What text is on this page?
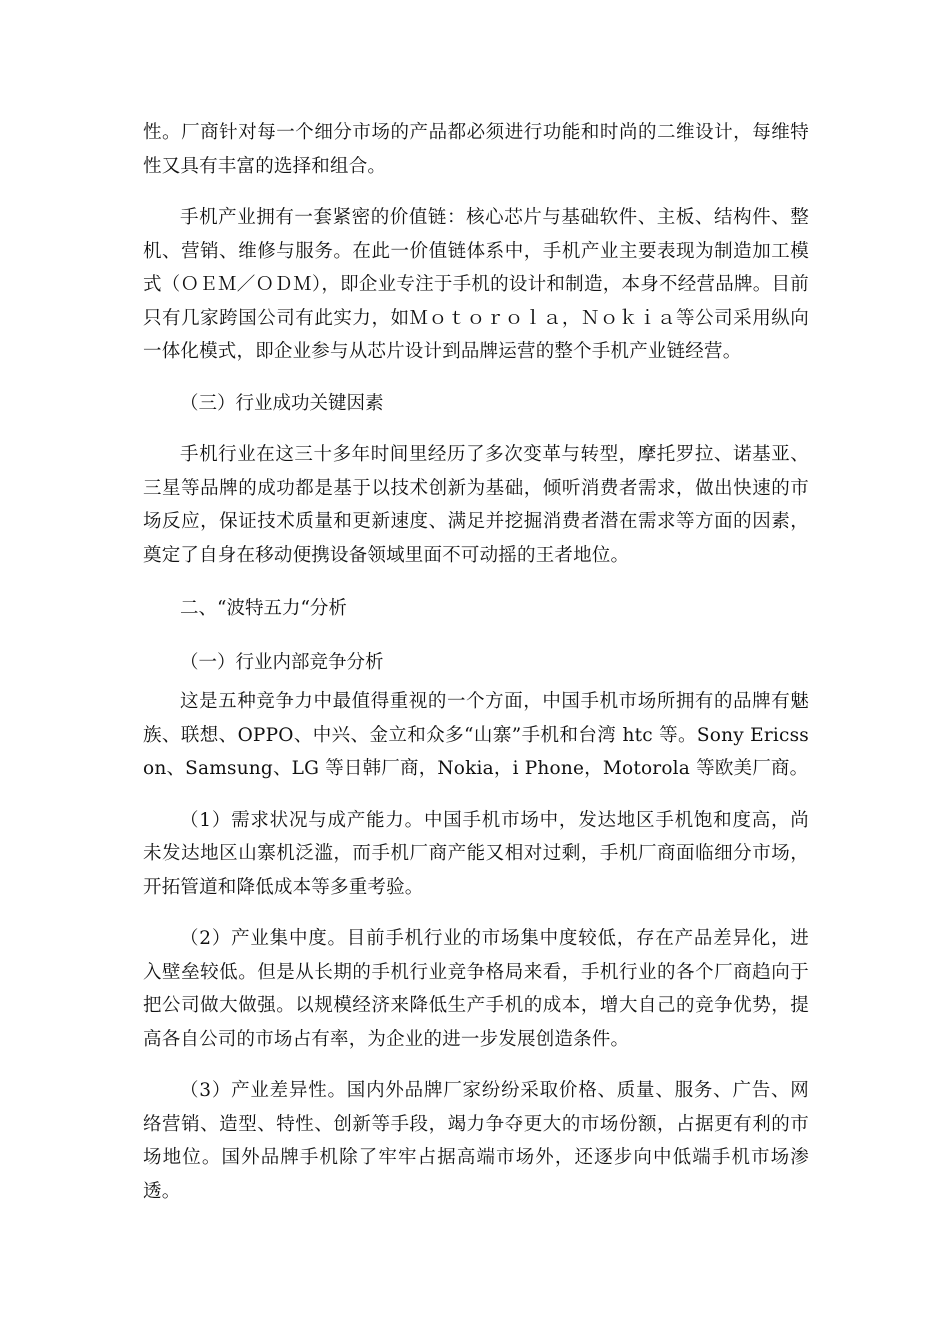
性。厂商针对每一个细分市场的产品都必须进行功能和时尚的二维设计，每维特性又具有丰富的选择和组合。

手机产业拥有一套紧密的价值链：核心芯片与基础软件、主板、结构件、整机、营销、维修与服务。在此一价值链体系中，手机产业主要表现为制造加工模式（ＯＥＭ／ＯＤＭ），即企业专注于手机的设计和制造，本身不经营品牌。目前只有几家跨国公司有此实力，如Ｍｏｔｏｒｏｌａ，Ｎｏｋｉａ等公司采用纵向一体化模式，即企业参与从芯片设计到品牌运营的整个手机产业链经营。

（三）行业成功关键因素

手机行业在这三十多年时间里经历了多次变革与转型，摩托罗拉、诺基亚、三星等品牌的成功都是基于以技术创新为基础，倾听消费者需求，做出快速的市场反应，保证技术质量和更新速度、满足并挖掘消费者潜在需求等方面的因素，奠定了自身在移动便携设备领域里面不可动摇的王者地位。

二、“波特五力“分析

（一）行业内部竞争分析

这是五种竞争力中最值得重视的一个方面，中国手机市场所拥有的品牌有魅族、联想、OPPO、中兴、金立和众多“山寨”手机和台湾 htc 等。Sony Ericsson、Samsung、LG 等日韩厂商，Nokia，i Phone，Motorola 等欧美厂商。

（1）需求状况与成产能力。中国手机市场中，发达地区手机饱和度高，尚未发达地区山寨机泛滥，而手机厂商产能又相对过剩，手机厂商面临细分市场，开拓管道和降低成本等多重考验。

（2）产业集中度。目前手机行业的市场集中度较低，存在产品差异化，进入壁垒较低。但是从长期的手机行业竞争格局来看，手机行业的各个厂商趋向于把公司做大做强。以规模经济来降低生产手机的成本，增大自己的竞争优势，提高各自公司的市场占有率，为企业的进一步发展创造条件。

（3）产业差异性。国内外品牌厂家纷纷采取价格、质量、服务、广告、网络营销、造型、特性、创新等手段，竭力争夺更大的市场份额，占据更有利的市场地位。国外品牌手机除了牢牢占据高端市场外，还逐步向中低端手机市场渗透。
